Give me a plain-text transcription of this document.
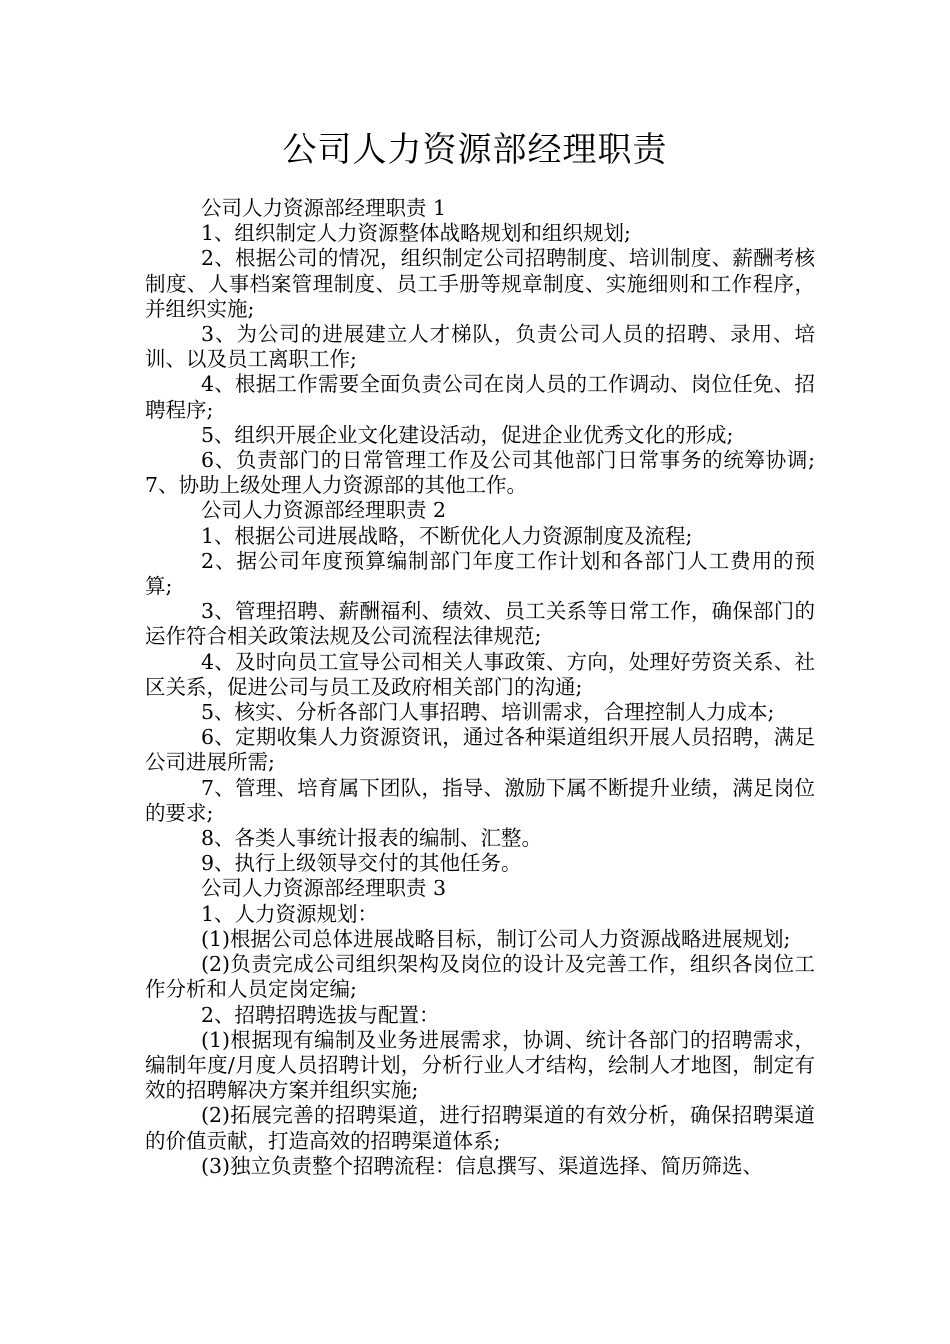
公司人力资源部经理职责

公司人力资源部经理职责 1

1、组织制定人力资源整体战略规划和组织规划;

2、根据公司的情况，组织制定公司招聘制度、培训制度、薪酬考核制度、人事档案管理制度、员工手册等规章制度、实施细则和工作程序，并组织实施;

3、为公司的进展建立人才梯队，负责公司人员的招聘、录用、培训、以及员工离职工作;

4、根据工作需要全面负责公司在岗人员的工作调动、岗位任免、招聘程序;

5、组织开展企业文化建设活动，促进企业优秀文化的形成;

6、负责部门的日常管理工作及公司其他部门日常事务的统筹协调; 7、协助上级处理人力资源部的其他工作。

公司人力资源部经理职责 2

1、根据公司进展战略，不断优化人力资源制度及流程;

2、据公司年度预算编制部门年度工作计划和各部门人工费用的预算;

3、管理招聘、薪酬福利、绩效、员工关系等日常工作，确保部门的运作符合相关政策法规及公司流程法律规范;

4、及时向员工宣导公司相关人事政策、方向，处理好劳资关系、社区关系，促进公司与员工及政府相关部门的沟通;

5、核实、分析各部门人事招聘、培训需求，合理控制人力成本;

6、定期收集人力资源资讯，通过各种渠道组织开展人员招聘，满足公司进展所需;

7、管理、培育属下团队，指导、激励下属不断提升业绩，满足岗位的要求;

8、各类人事统计报表的编制、汇整。

9、执行上级领导交付的其他任务。

公司人力资源部经理职责 3

1、人力资源规划：

(1)根据公司总体进展战略目标，制订公司人力资源战略进展规划;

(2)负责完成公司组织架构及岗位的设计及完善工作，组织各岗位工作分析和人员定岗定编;

2、招聘招聘选拔与配置：

(1)根据现有编制及业务进展需求，协调、统计各部门的招聘需求，编制年度/月度人员招聘计划，分析行业人才结构，绘制人才地图，制定有效的招聘解决方案并组织实施;

(2)拓展完善的招聘渠道，进行招聘渠道的有效分析，确保招聘渠道的价值贡献，打造高效的招聘渠道体系;

(3)独立负责整个招聘流程：信息撰写、渠道选择、简历筛选、
